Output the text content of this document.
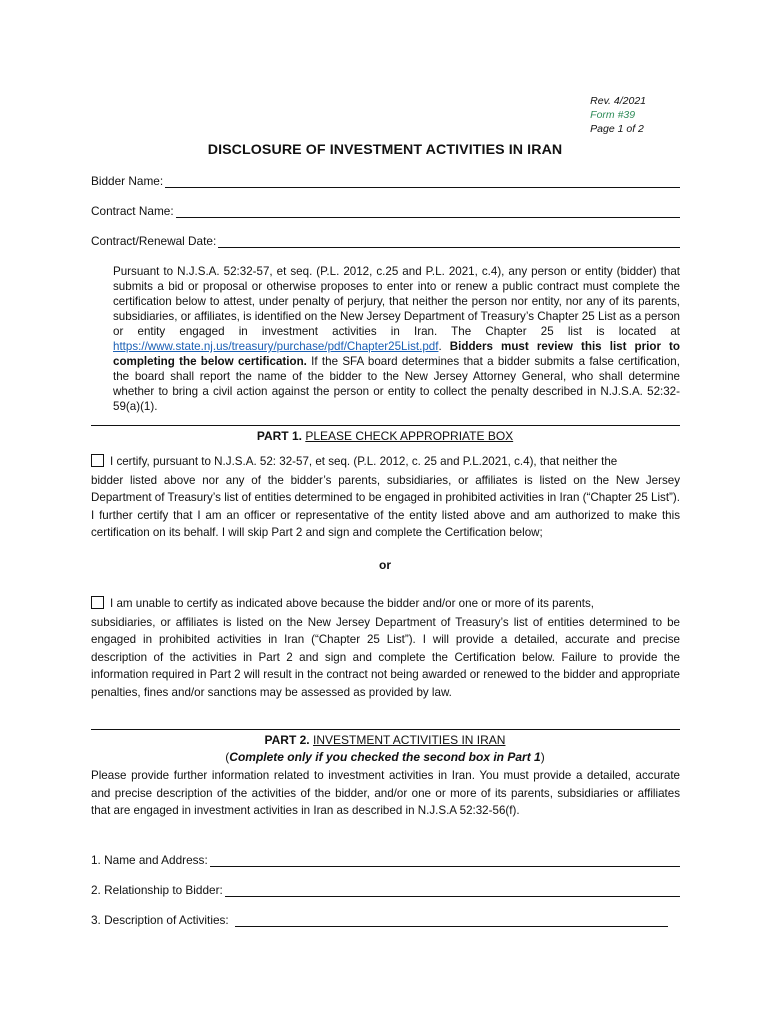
Rev. 4/2021
Form #39
Page 1 of 2
DISCLOSURE OF INVESTMENT ACTIVITIES IN IRAN
Bidder Name:
Contract Name:
Contract/Renewal Date:
Pursuant to N.J.S.A. 52:32-57, et seq. (P.L. 2012, c.25 and P.L. 2021, c.4), any person or entity (bidder) that submits a bid or proposal or otherwise proposes to enter into or renew a public contract must complete the certification below to attest, under penalty of perjury, that neither the person nor entity, nor any of its parents, subsidiaries, or affiliates, is identified on the New Jersey Department of Treasury’s Chapter 25 List as a person or entity engaged in investment activities in Iran. The Chapter 25 list is located at https://www.state.nj.us/treasury/purchase/pdf/Chapter25List.pdf. Bidders must review this list prior to completing the below certification. If the SFA board determines that a bidder submits a false certification, the board shall report the name of the bidder to the New Jersey Attorney General, who shall determine whether to bring a civil action against the person or entity to collect the penalty described in N.J.S.A. 52:32-59(a)(1).
PART 1. PLEASE CHECK APPROPRIATE BOX
I certify, pursuant to N.J.S.A. 52: 32-57, et seq. (P.L. 2012, c. 25 and P.L.2021, c.4), that neither the
bidder listed above nor any of the bidder’s parents, subsidiaries, or affiliates is listed on the New Jersey Department of Treasury’s list of entities determined to be engaged in prohibited activities in Iran (“Chapter 25 List”). I further certify that I am an officer or representative of the entity listed above and am authorized to make this certification on its behalf. I will skip Part 2 and sign and complete the Certification below;
or
I am unable to certify as indicated above because the bidder and/or one or more of its parents,
subsidiaries, or affiliates is listed on the New Jersey Department of Treasury’s list of entities determined to be engaged in prohibited activities in Iran (“Chapter 25 List”). I will provide a detailed, accurate and precise description of the activities in Part 2 and sign and complete the Certification below. Failure to provide the information required in Part 2 will result in the contract not being awarded or renewed to the bidder and appropriate penalties, fines and/or sanctions may be assessed as provided by law.
PART 2. INVESTMENT ACTIVITIES IN IRAN
(Complete only if you checked the second box in Part 1)
Please provide further information related to investment activities in Iran. You must provide a detailed, accurate and precise description of the activities of the bidder, and/or one or more of its parents, subsidiaries or affiliates that are engaged in investment activities in Iran as described in N.J.S.A 52:32-56(f).
1. Name and Address:
2. Relationship to Bidder:
3. Description of Activities:
